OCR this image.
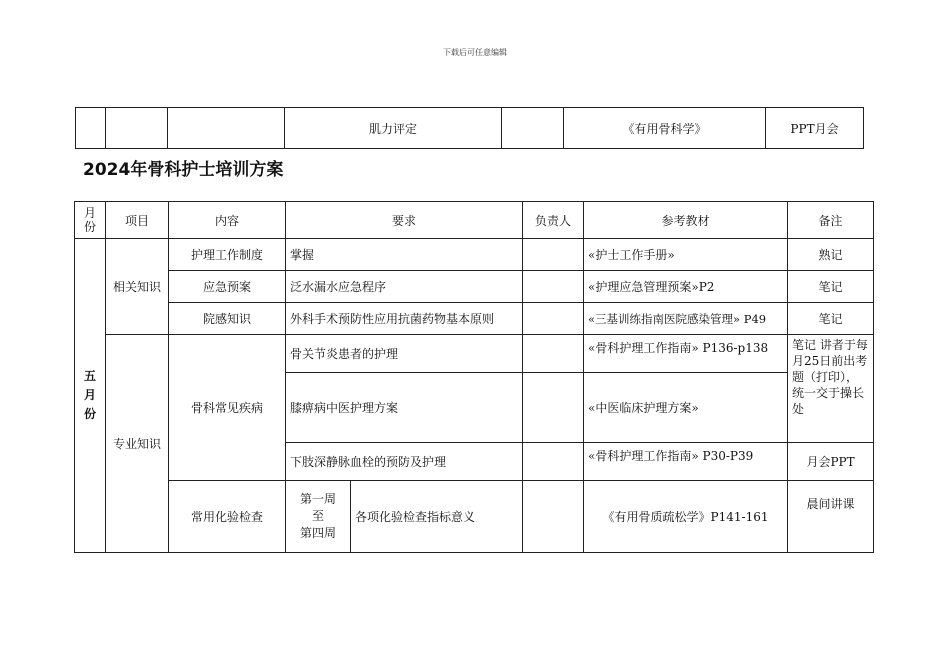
下载后可任意编辑
			肌力评定		《有用骨科学》	PPT月会
2024年骨科护士培训方案
月份	项目	内容	要求		负责人	参考教材	备注
五月份	相关知识	护理工作制度	掌握			«护士工作手册»	熟记
		应急预案	泛水漏水应急程序			«护理应急管理预案»P2	笔记
		院感知识	外科手术预防性应用抗菌药物基本原则			«三基训练指南医院感染管理» P49	笔记
	专业知识	骨科常见疾病	骨关节炎患者的护理			«骨科护理工作指南» P136-p138	笔记 讲者于每月25日前出考题（打印），统一交于操长处
			膝痹病中医护理方案			«中医临床护理方案»	
			下肢深静脉血栓的预防及护理			«骨科护理工作指南» P30-P39	月会PPT
		常用化验检查	第一周
至
第四周	各项化验检查指标意义		《有用骨质疏松学》P141-161	晨间讲课
